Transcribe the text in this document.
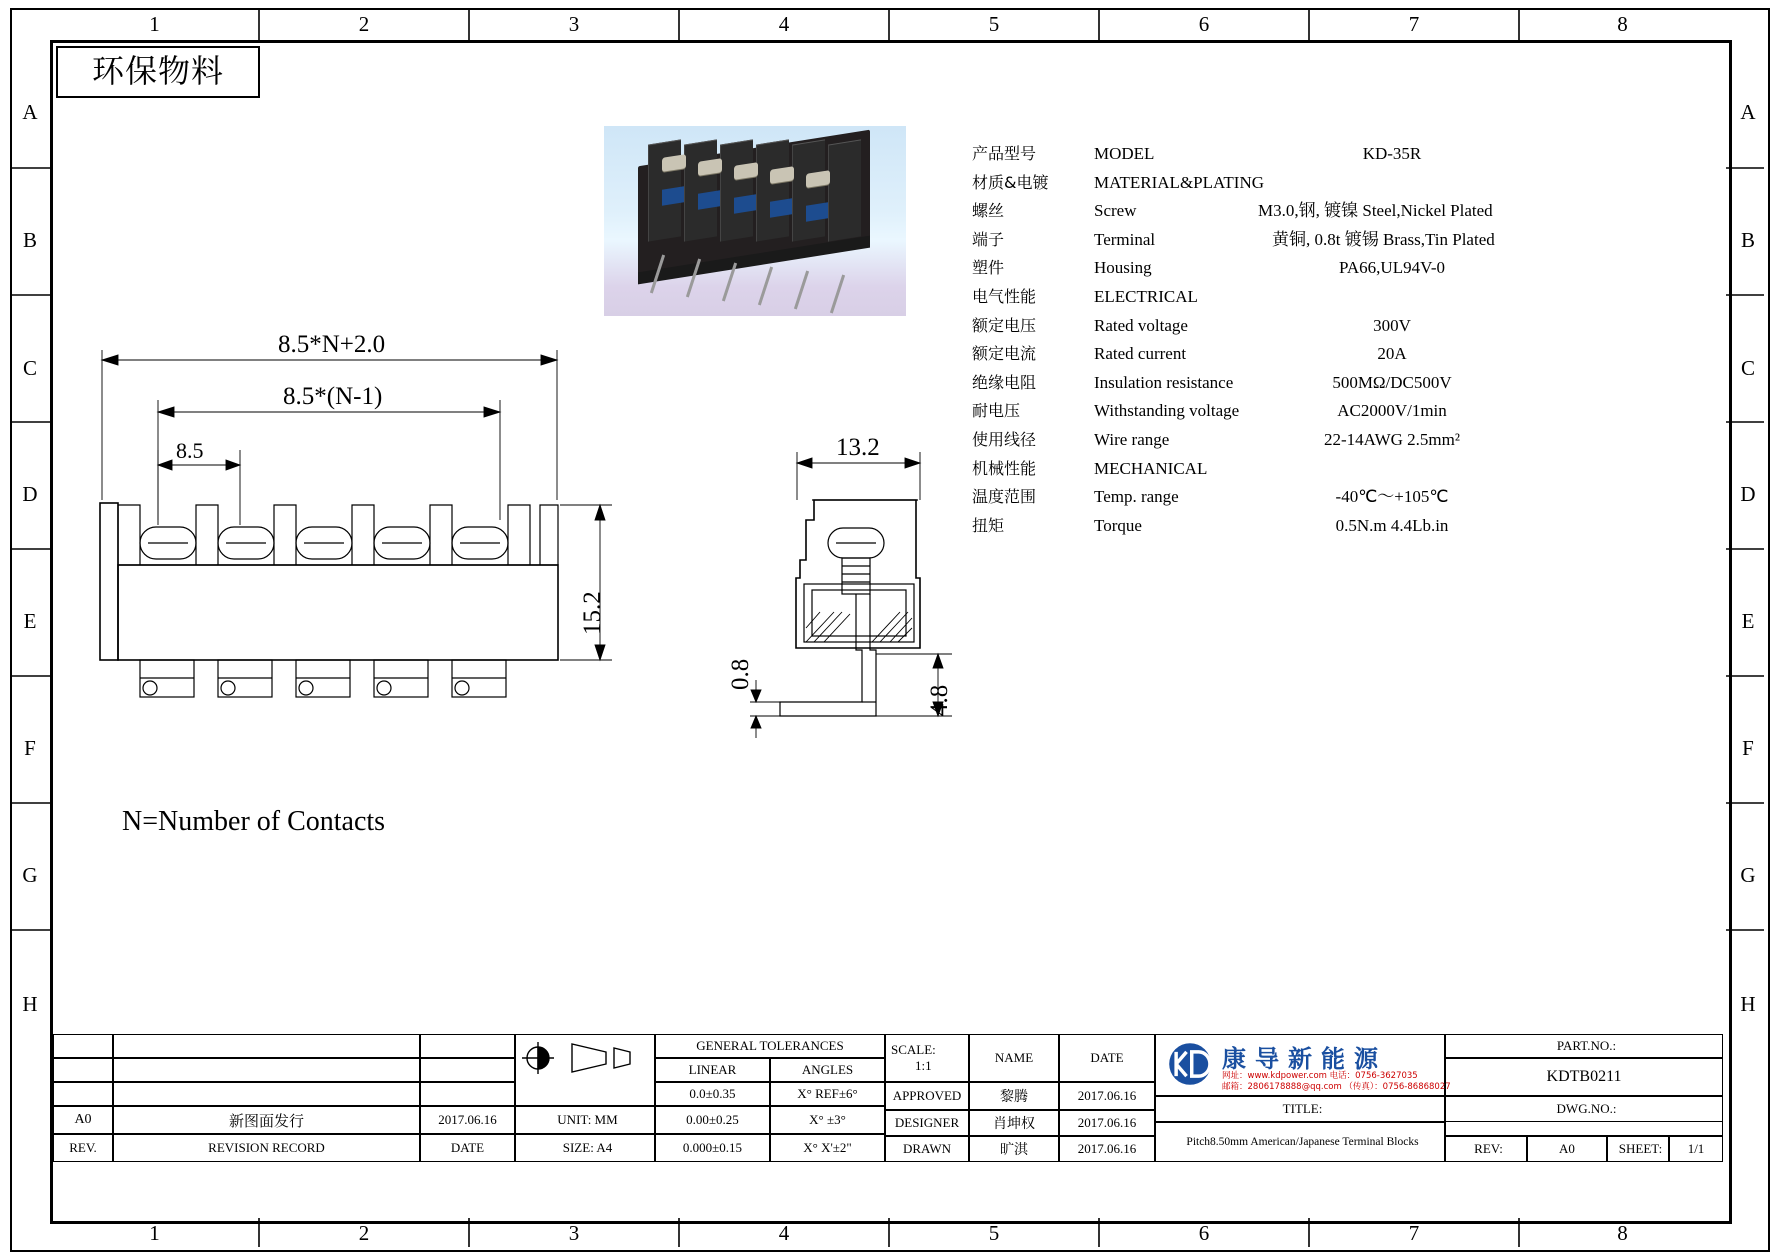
1	2	3	4	5	6	7	8
1	2	3	4	5	6	7	8
A
B
C
D
E
F
G
H
A
B
C
D
E
F
G
H
环保物料
产品型号	MODEL	KD-35R
材质&电镀	MATERIAL&PLATING
螺丝	Screw	M3.0,钢, 镀镍 Steel,Nickel Plated
端子	Terminal	黄铜, 0.8t 镀锡 Brass,Tin Plated
塑件	Housing	PA66,UL94V-0
电气性能	ELECTRICAL
额定电压	Rated voltage	300V
额定电流	Rated current	20A
绝缘电阻	Insulation resistance	500MΩ/DC500V
耐电压	Withstanding voltage	AC2000V/1min
使用线径	Wire range	22-14AWG 2.5mm²
机械性能	MECHANICAL
温度范围	Temp. range	-40℃～+105℃
扭矩	Torque	0.5N.m 4.4Lb.in
8.5*N+2.0
8.5*(N-1)
8.5
15.2
N=Number of Contacts
13.2
0.8
4.8
A0	新图面发行	2017.06.16
REV.	REVISION RECORD	DATE
UNIT: MM
SIZE: A4
GENERAL TOLERANCES
LINEAR	ANGLES
0.0±0.35	X° REF±6°
0.00±0.25	X° ±3°
0.000±0.15	X° X'±2"
SCALE:
1:1
NAME	DATE
APPROVED	黎腾	2017.06.16
DESIGNER	肖坤权	2017.06.16
DRAWN	旷淇	2017.06.16
康导新能源
网址：www.kdpower.com 电话：0756-3627035
邮箱：2806178888@qq.com （传真）：0756-86868027
TITLE:
Pitch8.50mm American/Japanese Terminal Blocks
PART.NO.:
KDTB0211
DWG.NO.:
REV:	A0	SHEET:	1/1
